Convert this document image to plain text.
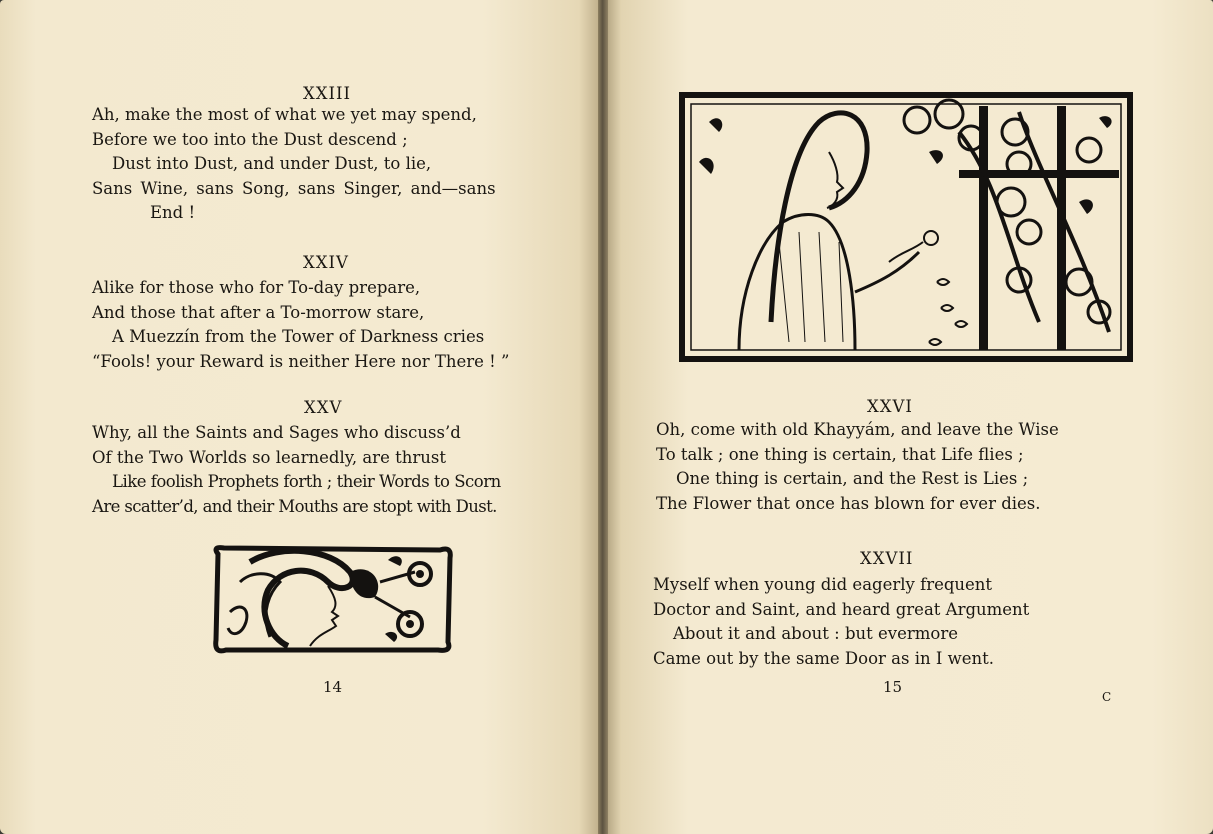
XXIII
Ah, make the most of what we yet may spend,
Before we too into the Dust descend ;
Dust into Dust, and under Dust, to lie,
Sans Wine, sans Song, sans Singer, and—sans
End !
XXIV
Alike for those who for To-day prepare,
And those that after a To-morrow stare,
A Muezzín from the Tower of Darkness cries
“Fools! your Reward is neither Here nor There ! ”
XXV
Why, all the Saints and Sages who discuss’d
Of the Two Worlds so learnedly, are thrust
Like foolish Prophets forth ; their Words to Scorn
Are scatter’d, and their Mouths are stopt with Dust.
14
XXVI
Oh, come with old Khayyám, and leave the Wise
To talk ; one thing is certain, that Life flies ;
One thing is certain, and the Rest is Lies ;
The Flower that once has blown for ever dies.
XXVII
Myself when young did eagerly frequent
Doctor and Saint, and heard great Argument
About it and about : but evermore
Came out by the same Door as in I went.
15
C
